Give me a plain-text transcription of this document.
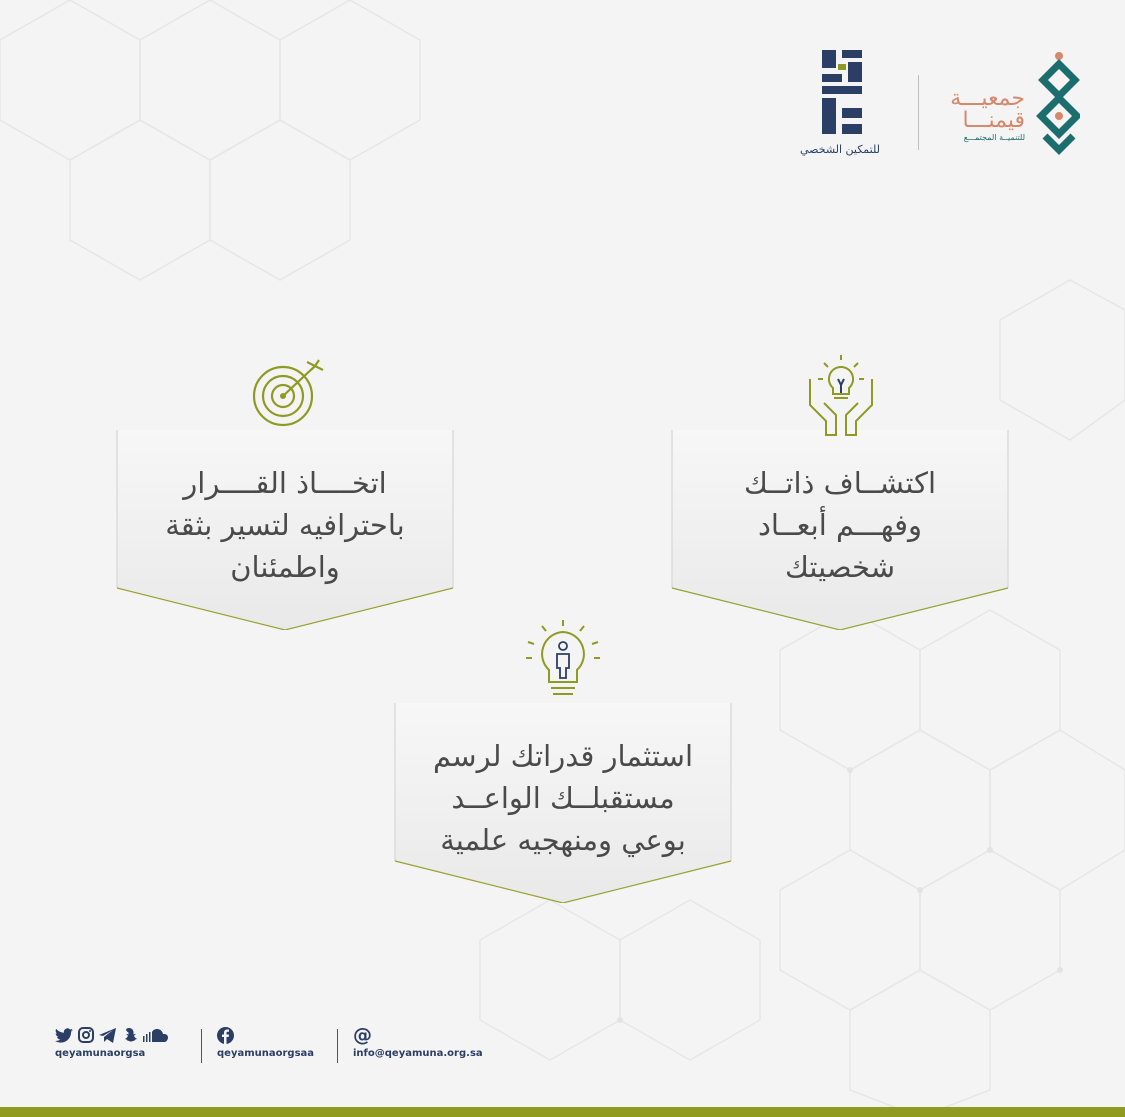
للتمكين الشخصي
جمعيـــة
قيمنـــا
للتنميــة المجتمـــع
اتخــــاذ القــــرار
باحترافيه لتسير بثقة
واطمئنان
اكتشــاف ذاتــك
وفهـــم أبعــاد
شخصيتك
استثمار قدراتك لرسم
مستقبلــك الواعــد
بوعي ومنهجيه علمية
qeyamunaorgsa	qeyamunaorgsaa
@
info@qeyamuna.org.sa
